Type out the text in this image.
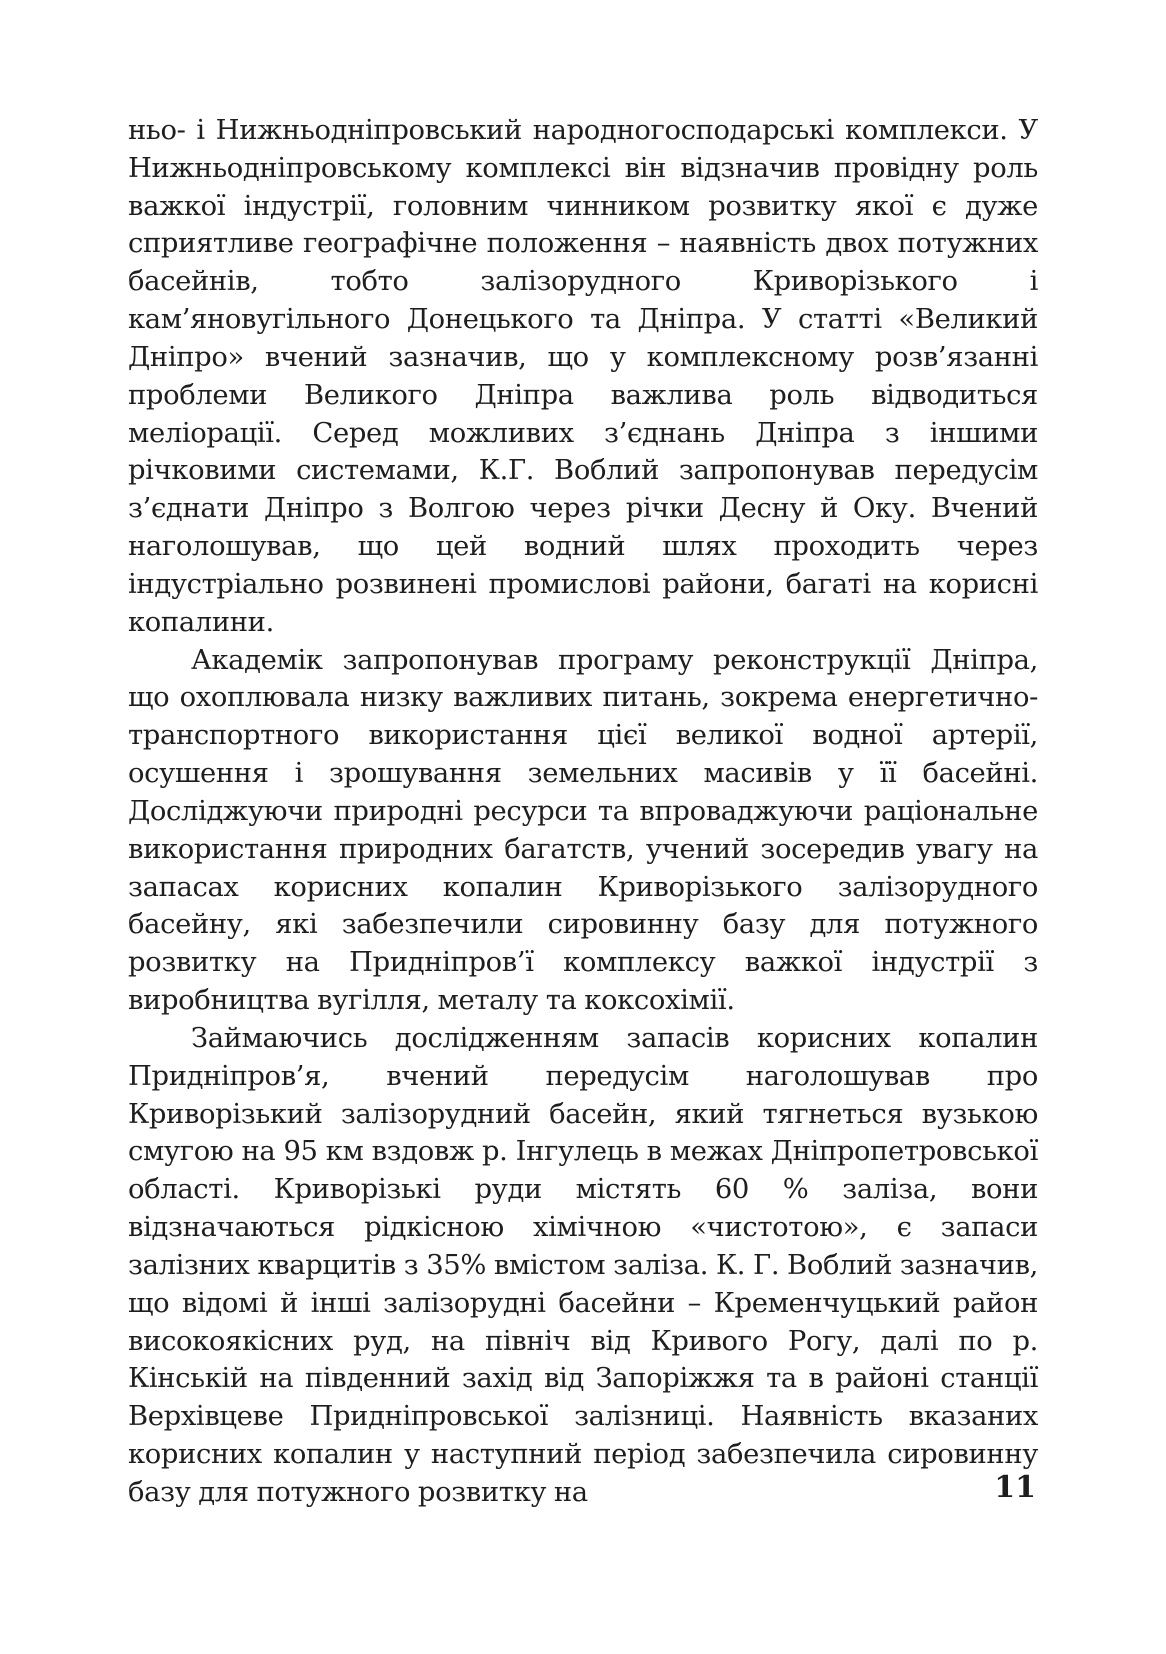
ньо- і Нижньодніпровський народногосподарські комплекси. У Нижньодніпровському комплексі він відзначив провідну роль важкої індустрії, головним чинником розвитку якої є дуже сприятливе географічне положення – наявність двох потужних басейнів, тобто залізорудного Криворізького і кам’яновугільного Донецького та Дніпра. У статті «Великий Дніпро» вчений зазначив, що у комплексному розв’язанні проблеми Великого Дніпра важлива роль відводиться меліорації. Серед можливих з’єднань Дніпра з іншими річковими системами, К.Г. Воблий запропонував передусім з’єднати Дніпро з Волгою через річки Десну й Оку. Вчений наголошував, що цей водний шлях проходить через індустріально розвинені промислові райони, багаті на корисні копалини.

Академік запропонував програму реконструкції Дніпра, що охоплювала низку важливих питань, зокрема енергетично-транспортного використання цієї великої водної артерії, осушення і зрошування земельних масивів у її басейні. Досліджуючи природні ресурси та впроваджуючи раціональне використання природних багатств, учений зосередив увагу на запасах корисних копалин Криворізького залізорудного басейну, які забезпечили сировинну базу для потужного розвитку на Придніпров’ї комплексу важкої індустрії з виробництва вугілля, металу та коксохімії.

Займаючись дослідженням запасів корисних копалин Придніпров’я, вчений передусім наголошував про Криворізький залізорудний басейн, який тягнеться вузькою смугою на 95 км вздовж р. Інгулець в межах Дніпропетровської області. Криворізькі руди містять 60 % заліза, вони відзначаються рідкісною хімічною «чистотою», є запаси залізних кварцитів з 35% вмістом заліза. К. Г. Воблий зазначив, що відомі й інші залізорудні басейни – Кременчуцький район високоякісних руд, на північ від Кривого Рогу, далі по р. Кінській на південний захід від Запоріжжя та в районі станції Верхівцеве Придніпровської залізниці. Наявність вказаних корисних копалин у наступний період забезпечила сировинну базу для потужного розвитку на	11
